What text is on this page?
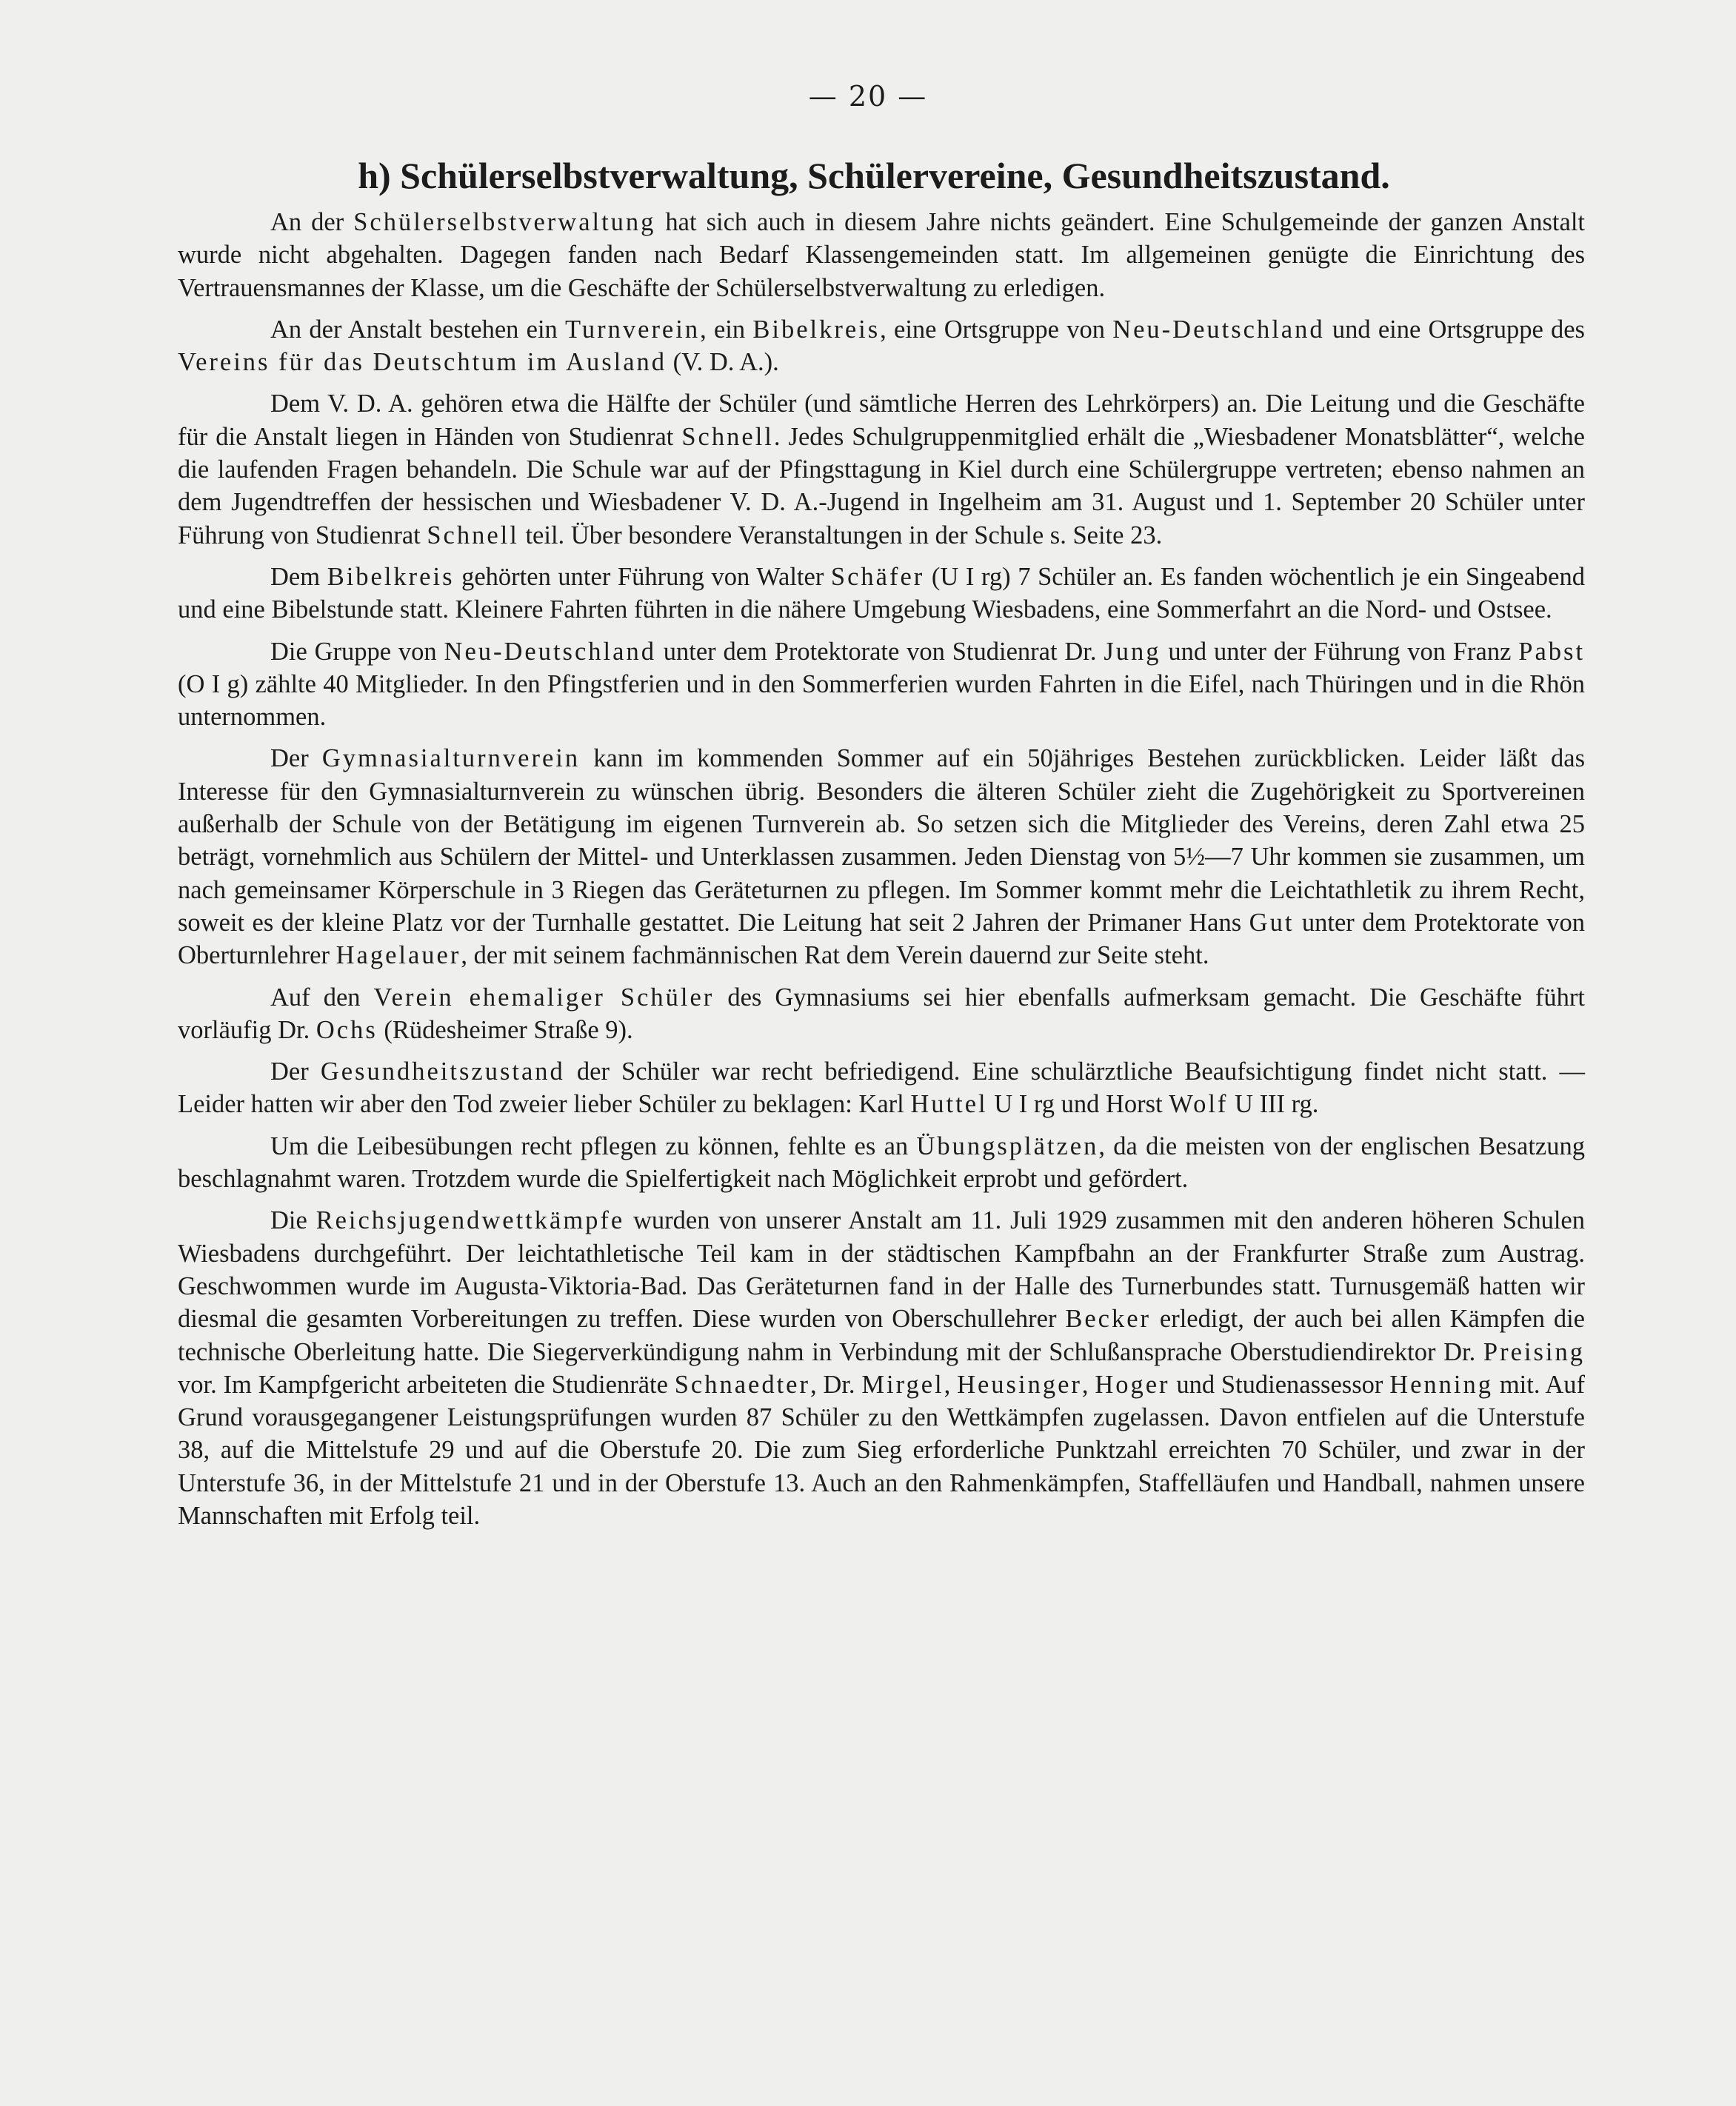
— 20 —
h) Schülerselbstverwaltung, Schülervereine, Gesundheitszustand.

An der Schülerselbstverwaltung hat sich auch in diesem Jahre nichts geändert. Eine Schulgemeinde der ganzen Anstalt wurde nicht abgehalten. Dagegen fanden nach Bedarf Klassengemeinden statt. Im allgemeinen genügte die Einrichtung des Vertrauensmannes der Klasse, um die Geschäfte der Schülerselbstverwaltung zu erledigen.

An der Anstalt bestehen ein Turnverein, ein Bibelkreis, eine Ortsgruppe von Neu-Deutschland und eine Ortsgruppe des Vereins für das Deutschtum im Ausland (V. D. A.).

Dem V. D. A. gehören etwa die Hälfte der Schüler (und sämtliche Herren des Lehrkörpers) an. Die Leitung und die Geschäfte für die Anstalt liegen in Händen von Studienrat Schnell. Jedes Schulgruppenmitglied erhält die „Wiesbadener Monatsblätter“, welche die laufenden Fragen behandeln. Die Schule war auf der Pfingsttagung in Kiel durch eine Schülergruppe vertreten; ebenso nahmen an dem Jugendtreffen der hessischen und Wiesbadener V. D. A.-Jugend in Ingelheim am 31. August und 1. September 20 Schüler unter Führung von Studienrat Schnell teil. Über besondere Veranstaltungen in der Schule s. Seite 23.

Dem Bibelkreis gehörten unter Führung von Walter Schäfer (U I rg) 7 Schüler an. Es fanden wöchentlich je ein Singeabend und eine Bibelstunde statt. Kleinere Fahrten führten in die nähere Umgebung Wiesbadens, eine Sommerfahrt an die Nord- und Ostsee.

Die Gruppe von Neu-Deutschland unter dem Protektorate von Studienrat Dr. Jung und unter der Führung von Franz Pabst (O I g) zählte 40 Mitglieder. In den Pfingstferien und in den Sommerferien wurden Fahrten in die Eifel, nach Thüringen und in die Rhön unternommen.

Der Gymnasialturnverein kann im kommenden Sommer auf ein 50jähriges Bestehen zurückblicken. Leider läßt das Interesse für den Gymnasialturnverein zu wünschen übrig. Besonders die älteren Schüler zieht die Zugehörigkeit zu Sportvereinen außerhalb der Schule von der Betätigung im eigenen Turnverein ab. So setzen sich die Mitglieder des Vereins, deren Zahl etwa 25 beträgt, vornehmlich aus Schülern der Mittel- und Unterklassen zusammen. Jeden Dienstag von 5½—7 Uhr kommen sie zusammen, um nach gemeinsamer Körperschule in 3 Riegen das Geräteturnen zu pflegen. Im Sommer kommt mehr die Leichtathletik zu ihrem Recht, soweit es der kleine Platz vor der Turnhalle gestattet. Die Leitung hat seit 2 Jahren der Primaner Hans Gut unter dem Protektorate von Oberturnlehrer Hagelauer, der mit seinem fachmännischen Rat dem Verein dauernd zur Seite steht.

Auf den Verein ehemaliger Schüler des Gymnasiums sei hier ebenfalls aufmerksam gemacht. Die Geschäfte führt vorläufig Dr. Ochs (Rüdesheimer Straße 9).

Der Gesundheitszustand der Schüler war recht befriedigend. Eine schulärztliche Beaufsichtigung findet nicht statt. — Leider hatten wir aber den Tod zweier lieber Schüler zu beklagen: Karl Huttel U I rg und Horst Wolf U III rg.

Um die Leibesübungen recht pflegen zu können, fehlte es an Übungsplätzen, da die meisten von der englischen Besatzung beschlagnahmt waren. Trotzdem wurde die Spielfertigkeit nach Möglichkeit erprobt und gefördert.

Die Reichsjugendwettkämpfe wurden von unserer Anstalt am 11. Juli 1929 zusammen mit den anderen höheren Schulen Wiesbadens durchgeführt. Der leichtathletische Teil kam in der städtischen Kampfbahn an der Frankfurter Straße zum Austrag. Geschwommen wurde im Augusta-Viktoria-Bad. Das Geräteturnen fand in der Halle des Turnerbundes statt. Turnusgemäß hatten wir diesmal die gesamten Vorbereitungen zu treffen. Diese wurden von Oberschullehrer Becker erledigt, der auch bei allen Kämpfen die technische Oberleitung hatte. Die Siegerverkündigung nahm in Verbindung mit der Schlußansprache Oberstudiendirektor Dr. Preising vor. Im Kampfgericht arbeiteten die Studienräte Schnaedter, Dr. Mirgel, Heusinger, Hoger und Studienassessor Henning mit. Auf Grund vorausgegangener Leistungsprüfungen wurden 87 Schüler zu den Wettkämpfen zugelassen. Davon entfielen auf die Unterstufe 38, auf die Mittelstufe 29 und auf die Oberstufe 20. Die zum Sieg erforderliche Punktzahl erreichten 70 Schüler, und zwar in der Unterstufe 36, in der Mittelstufe 21 und in der Oberstufe 13. Auch an den Rahmenkämpfen, Staffelläufen und Handball, nahmen unsere Mannschaften mit Erfolg teil.
